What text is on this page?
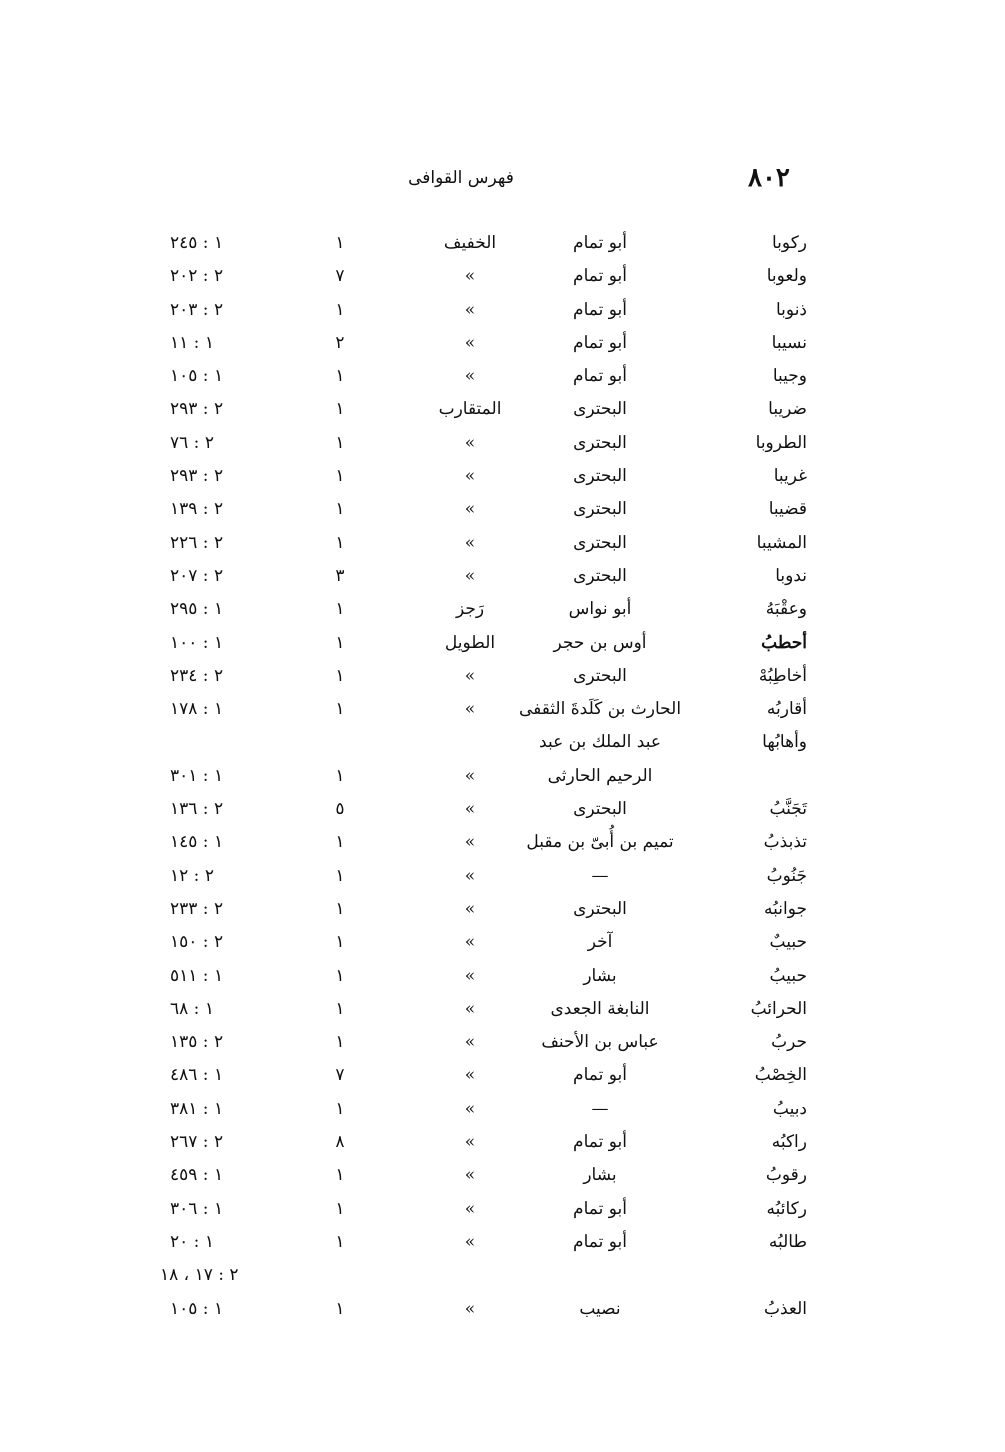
٨٠٢
فهرس القوافى
ركوبا
أبو تمام
الخفيف
١
١ : ٢٤٥
ولعوبا
أبو تمام
»
٧
٢ : ٢٠٢
ذنوبا
أبو تمام
»
١
٢ : ٢٠٣
نسيبا
أبو تمام
»
٢
١ : ١١
وجيبا
أبو تمام
»
١
١ : ١٠٥
ضريبا
البحترى
المتقارب
١
٢ : ٢٩٣
الطروبا
البحترى
»
١
٢ : ٧٦
غريبا
البحترى
»
١
٢ : ٢٩٣
قضيبا
البحترى
»
١
٢ : ١٣٩
المشيبا
البحترى
»
١
٢ : ٢٢٦
ندوبا
البحترى
»
٣
٢ : ٢٠٧
وعقْبَهُ
أبو نواس
رَجز
١
١ : ٢٩٥
أحطبُ
أوس بن حجر
الطويل
١
١ : ١٠٠
أخاطِبُهْ
البحترى
»
١
٢ : ٢٣٤
أقاربُه
الحارث بن كَلَدةَ الثقفى
»
١
١ : ١٧٨
وأهابُها
عبد الملك بن عبد
الرحيم الحارثى
»
١
١ : ٣٠١
تَجَنَّبُ
البحترى
»
٥
٢ : ١٣٦
تذبذبُ
تميم بن أُبىّ بن مقبل
»
١
١ : ١٤٥
جَنُوبُ
—
»
١
٢ : ١٢
جوانبُه
البحترى
»
١
٢ : ٢٣٣
حبيبٌ
آخر
»
١
٢ : ١٥٠
حبيبُ
بشار
»
١
١ : ٥١١
الحرائبُ
النابغة الجعدى
»
١
١ : ٦٨
حربُ
عباس بن الأحنف
»
١
٢ : ١٣٥
الخِصْبُ
أبو تمام
»
٧
١ : ٤٨٦
دبيبُ
—
»
١
١ : ٣٨١
راكبُه
أبو تمام
»
٨
٢ : ٢٦٧
رقوبُ
بشار
»
١
١ : ٤٥٩
ركائبُه
أبو تمام
»
١
١ : ٣٠٦
طالبُه
أبو تمام
»
١
١ : ٢٠
٢ : ١٧ ، ١٨
العذبُ
نصيب
»
١
١ : ١٠٥
